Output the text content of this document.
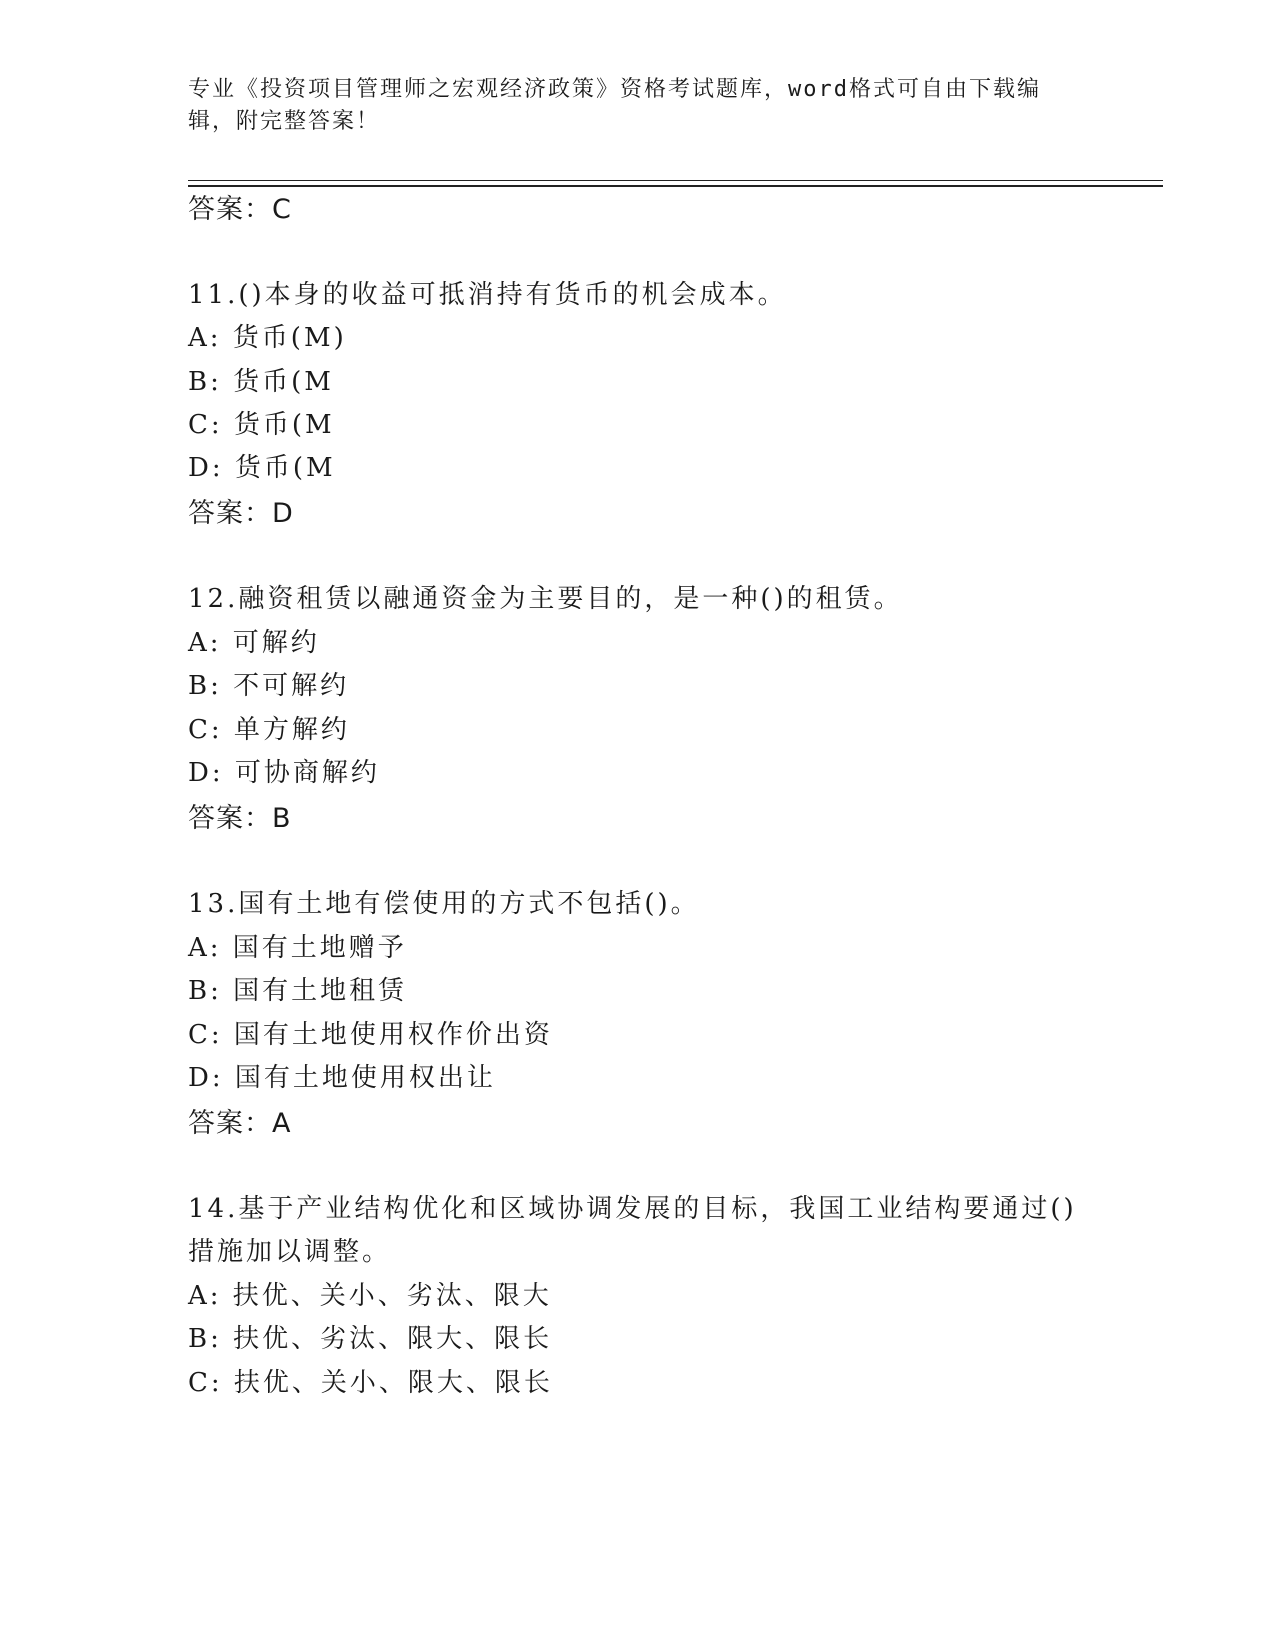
专业《投资项目管理师之宏观经济政策》资格考试题库，word格式可自由下载编
辑，附完整答案！
答案：C
11.()本身的收益可抵消持有货币的机会成本。
A: 货币(M)
B: 货币(M
C: 货币(M
D: 货币(M
答案：D
12.融资租赁以融通资金为主要目的，是一种()的租赁。
A: 可解约
B: 不可解约
C: 单方解约
D: 可协商解约
答案：B
13.国有土地有偿使用的方式不包括()。
A: 国有土地赠予
B: 国有土地租赁
C: 国有土地使用权作价出资
D: 国有土地使用权出让
答案：A
14.基于产业结构优化和区域协调发展的目标，我国工业结构要通过()
措施加以调整。
A: 扶优、关小、劣汰、限大
B: 扶优、劣汰、限大、限长
C: 扶优、关小、限大、限长
